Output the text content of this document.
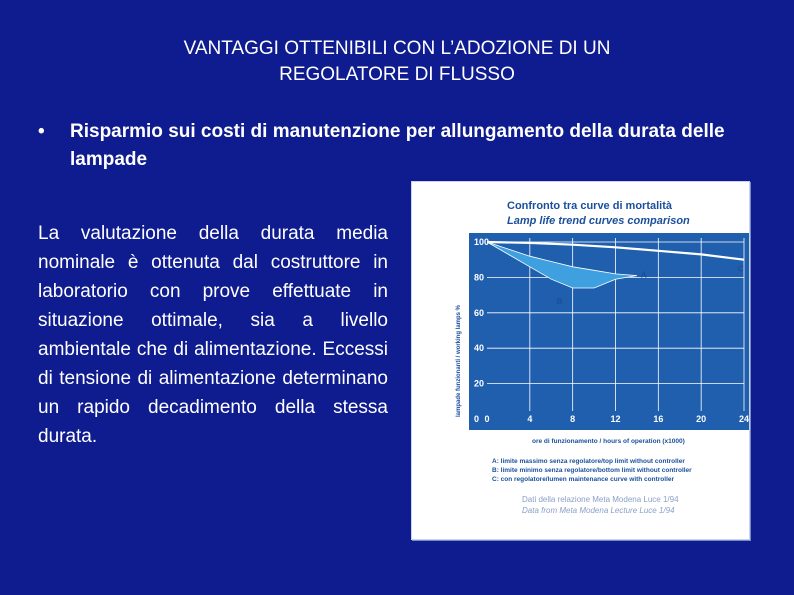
VANTAGGI OTTENIBILI CON L’ADOZIONE DI UN
REGOLATORE DI FLUSSO
• Risparmio sui costi di manutenzione per allungamento della durata delle lampade
La valutazione della durata media nominale è ottenuta dal costruttore in laboratorio con prove effettuate in situazione ottimale, sia a livello ambientale che di alimentazione. Eccessi di tensione di alimentazione determinano un rapido decadimento della stessa durata.
Confronto tra curve di mortalità
Lamp life trend curves comparison
A
B
C
0
20
40
60
80
100
0	4	8	12	16	20	24
lampade funzionanti / working lamps %
ore di funzionamento / hours of operation (x1000)
A: limite massimo senza regolatore/top limit without controller
B: limite minimo senza regolatore/bottom limit without controller
C: con regolatore/lumen maintenance curve with controller
Dati della relazione Meta Modena Luce 1/94
Data from Meta Modena Lecture Luce 1/94
